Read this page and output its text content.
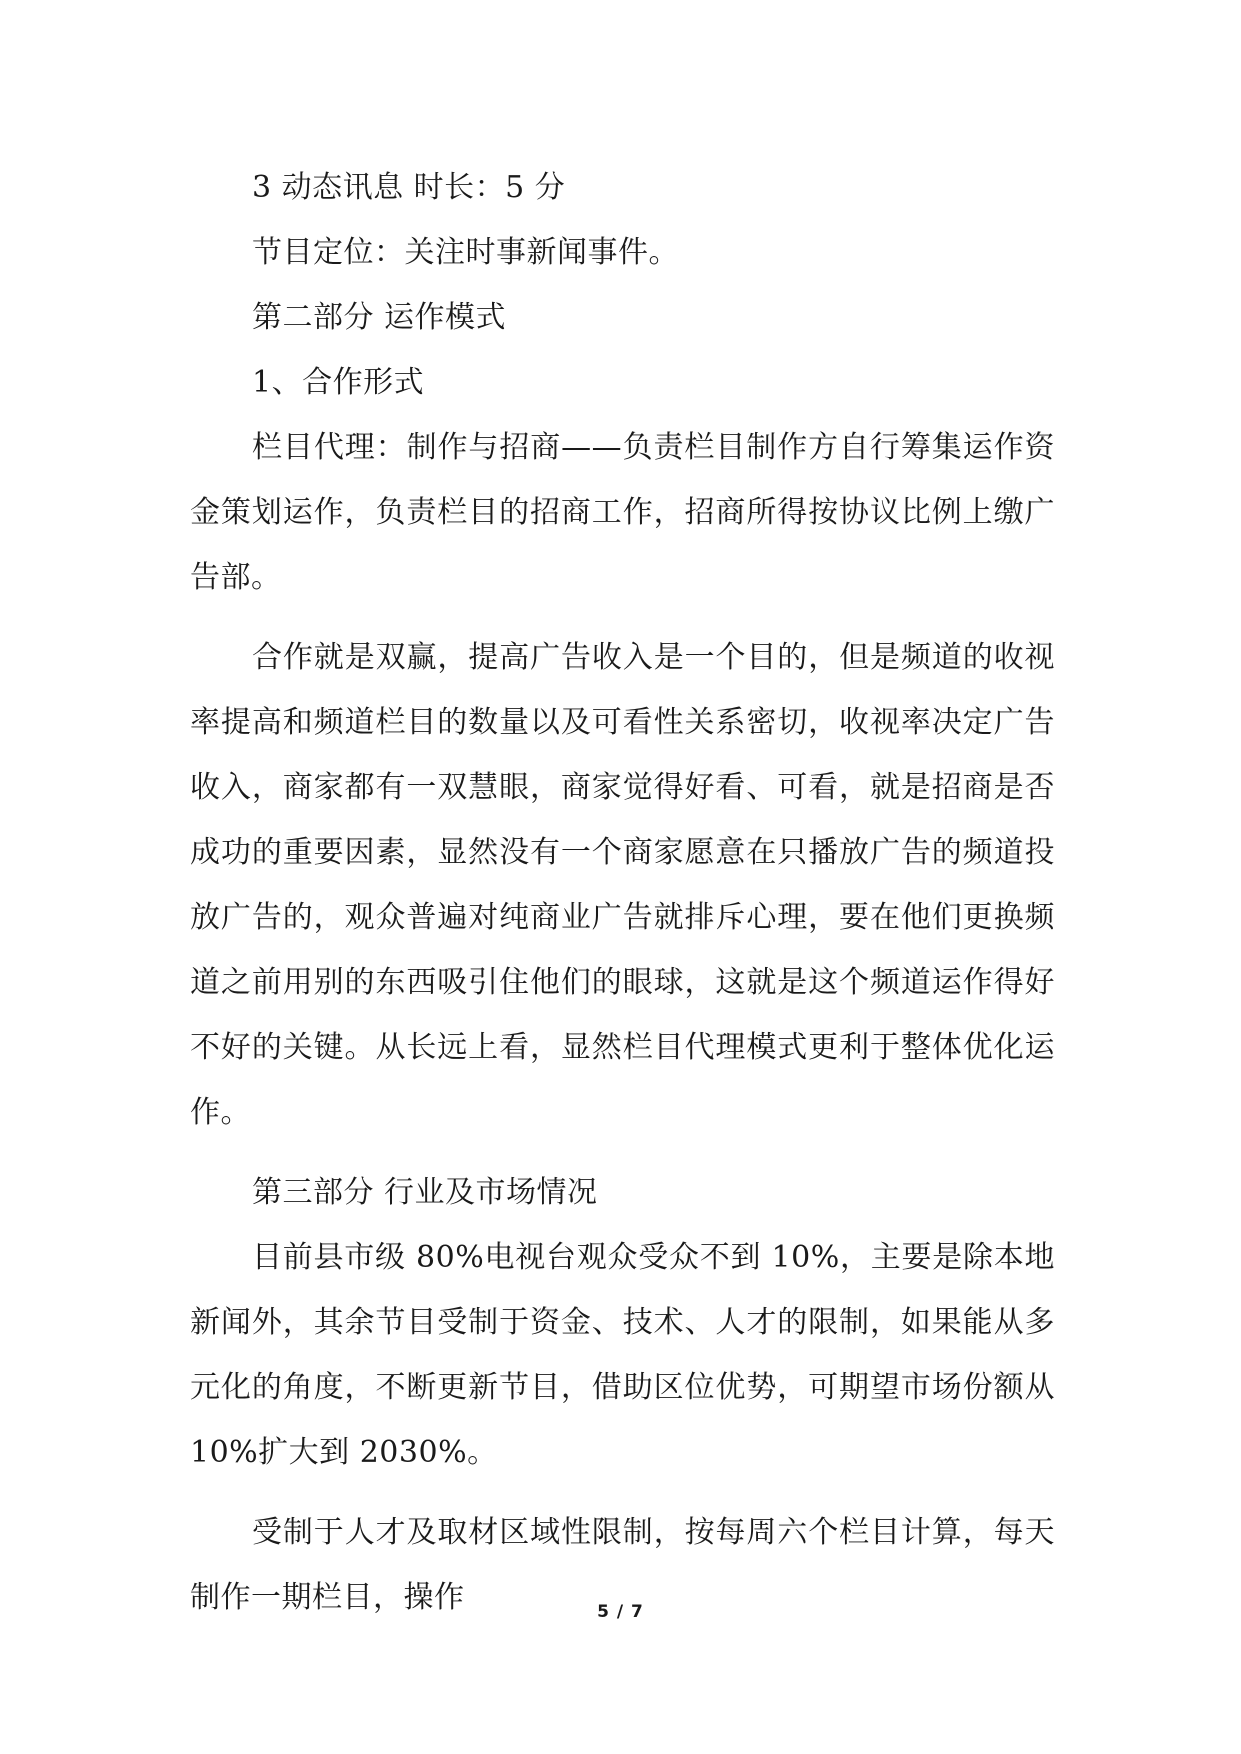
3 动态讯息 时长：5 分

节目定位：关注时事新闻事件。

第二部分 运作模式

1、合作形式

栏目代理：制作与招商——负责栏目制作方自行筹集运作资金策划运作，负责栏目的招商工作，招商所得按协议比例上缴广告部。

合作就是双赢，提高广告收入是一个目的，但是频道的收视率提高和频道栏目的数量以及可看性关系密切，收视率决定广告收入，商家都有一双慧眼，商家觉得好看、可看，就是招商是否成功的重要因素，显然没有一个商家愿意在只播放广告的频道投放广告的，观众普遍对纯商业广告就排斥心理，要在他们更换频道之前用别的东西吸引住他们的眼球，这就是这个频道运作得好不好的关键。从长远上看，显然栏目代理模式更利于整体优化运作。

第三部分 行业及市场情况

目前县市级 80%电视台观众受众不到 10%，主要是除本地新闻外，其余节目受制于资金、技术、人才的限制，如果能从多元化的角度，不断更新节目，借助区位优势，可期望市场份额从 10%扩大到 2030%。

受制于人才及取材区域性限制，按每周六个栏目计算，每天制作一期栏目，操作	5 / 7
